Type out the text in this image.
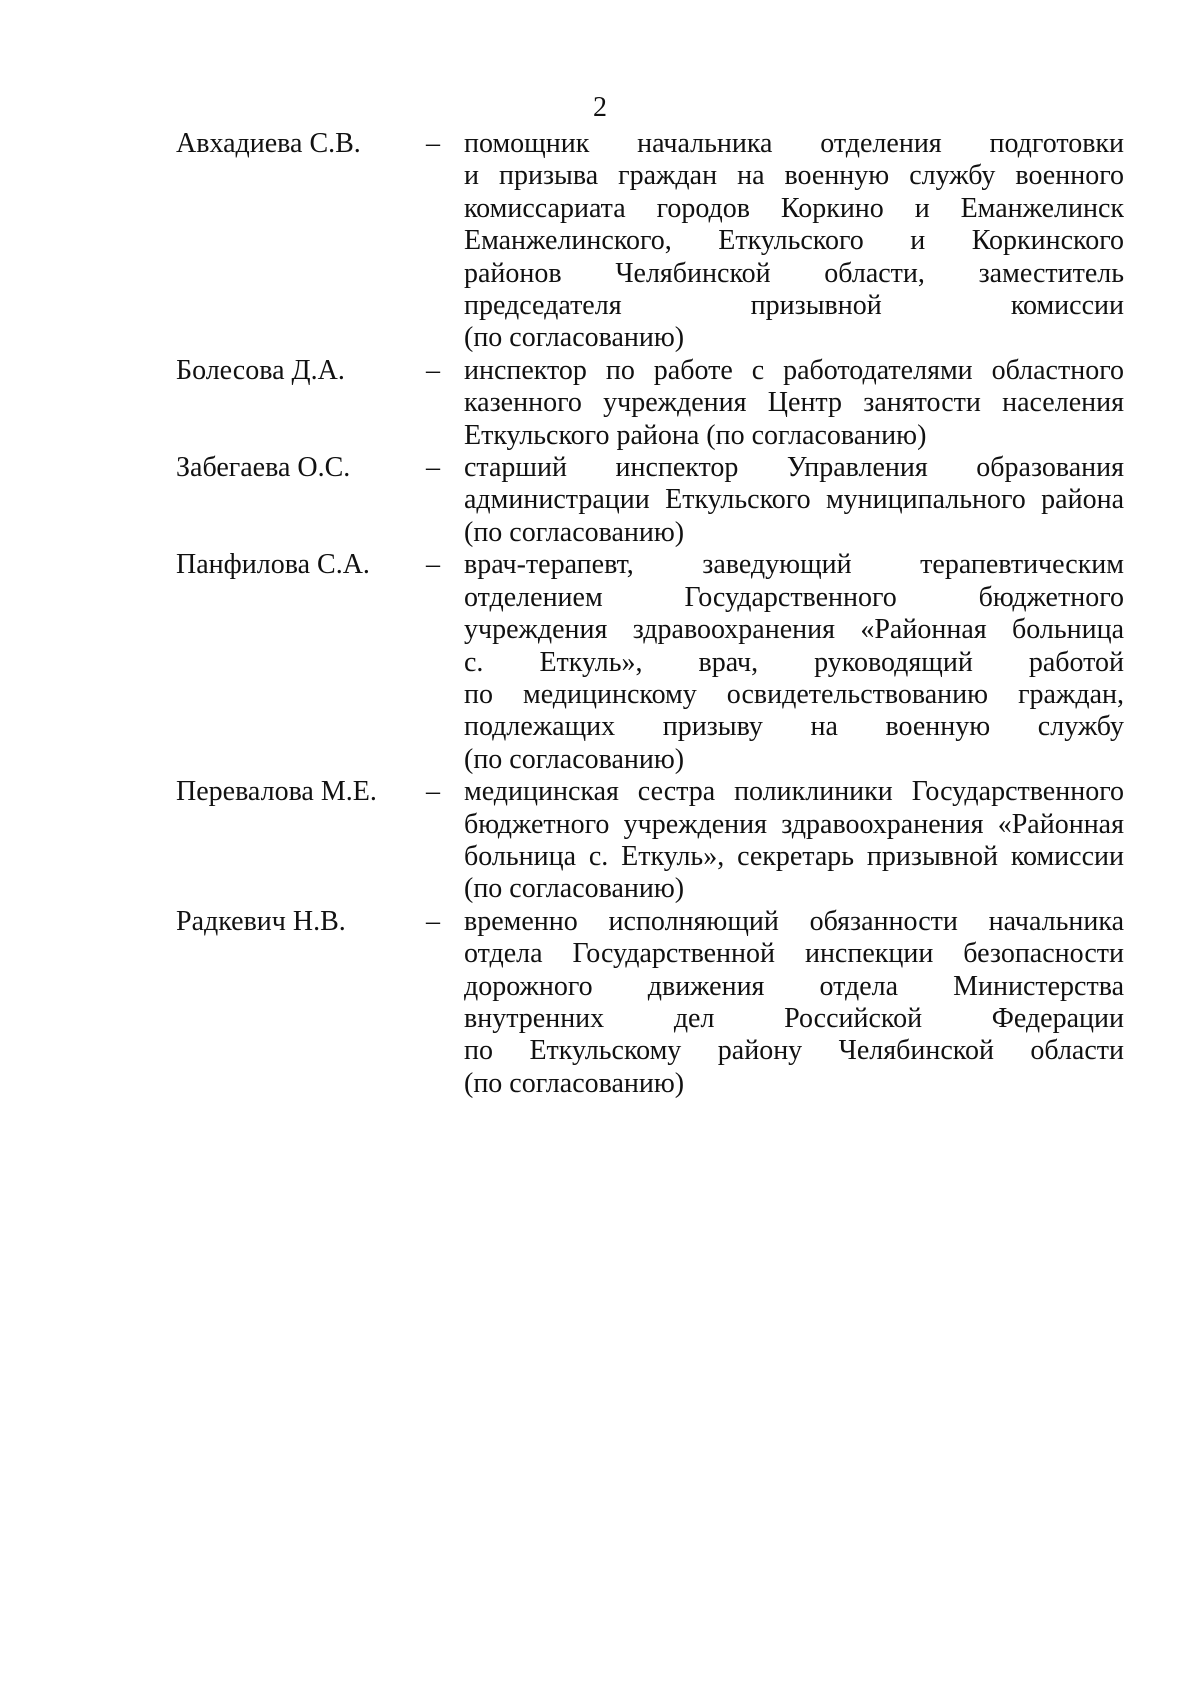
2
Авхадиева С.В. – помощник начальника отделения подготовки
и призыва граждан на военную службу военного
комиссариата городов Коркино и Еманжелинск
Еманжелинского, Еткульского и Коркинского
районов Челябинской области, заместитель
председателя призывной комиссии
(по согласованию)
Болесова Д.А.	– инспектор по работе с работодателями областного
казенного учреждения Центр занятости населения
Еткульского района (по согласованию)
Забегаева О.С.	– старший инспектор Управления образования
администрации Еткульского муниципального района
(по согласованию)
Панфилова С.А. – врач-терапевт, заведующий терапевтическим
отделением Государственного бюджетного
учреждения здравоохранения «Районная больница
с. Еткуль», врач, руководящий работой
по медицинскому освидетельствованию граждан,
подлежащих призыву на военную службу
(по согласованию)
Перевалова М.Е. – медицинская сестра поликлиники Государственного
бюджетного учреждения здравоохранения «Районная
больница с. Еткуль», секретарь призывной комиссии
(по согласованию)
Радкевич Н.В.	– временно исполняющий обязанности начальника
отдела Государственной инспекции безопасности
дорожного движения отдела Министерства
внутренних дел Российской Федерации
по Еткульскому району Челябинской области
(по согласованию)
